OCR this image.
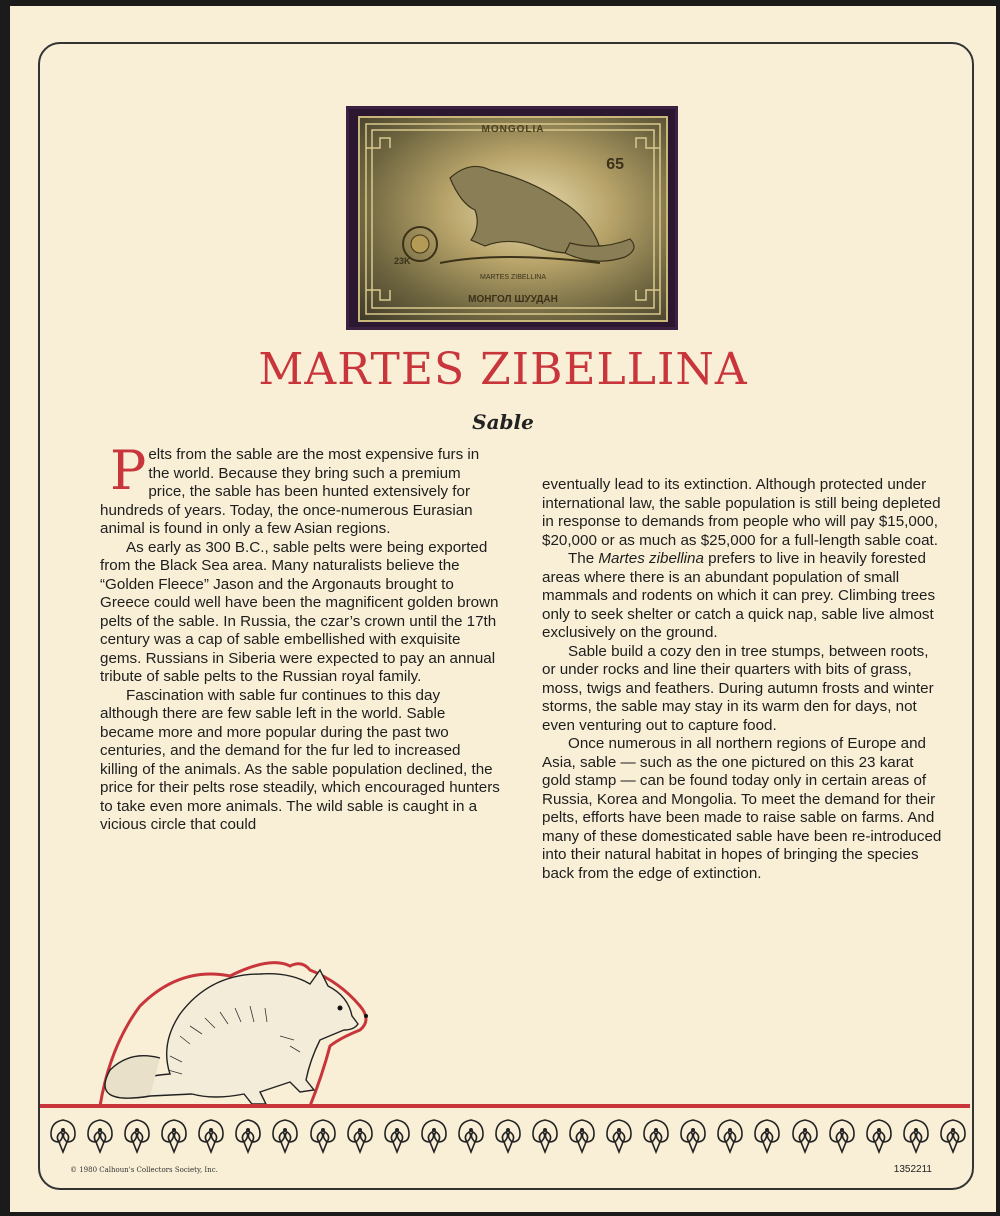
MONGOLIA
65
23K
MARTES ZIBELLINA
МОНГОЛ ШУУДАН
MARTES ZIBELLINA
Sable

Pelts from the sable are the most expensive furs in the world. Because they bring such a premium price, the sable has been hunted extensively for hundreds of years. Today, the once-numerous Eurasian animal is found in only a few Asian regions.

As early as 300 B.C., sable pelts were being exported from the Black Sea area. Many naturalists believe the “Golden Fleece” Jason and the Argonauts brought to Greece could well have been the magnificent golden brown pelts of the sable. In Russia, the czar’s crown until the 17th century was a cap of sable embellished with exquisite gems. Russians in Siberia were expected to pay an annual tribute of sable pelts to the Russian royal family.

Fascination with sable fur continues to this day although there are few sable left in the world. Sable became more and more popular during the past two centuries, and the demand for the fur led to increased killing of the animals. As the sable population declined, the price for their pelts rose steadily, which encouraged hunters to take even more animals. The wild sable is caught in a vicious circle that could

eventually lead to its extinction. Although protected under international law, the sable population is still being depleted in response to demands from people who will pay $15,000, $20,000 or as much as $25,000 for a full-length sable coat.

The Martes zibellina prefers to live in heavily forested areas where there is an abundant population of small mammals and rodents on which it can prey. Climbing trees only to seek shelter or catch a quick nap, sable live almost exclusively on the ground.

Sable build a cozy den in tree stumps, between roots, or under rocks and line their quarters with bits of grass, moss, twigs and feathers. During autumn frosts and winter storms, the sable may stay in its warm den for days, not even venturing out to capture food.

Once numerous in all northern regions of Europe and Asia, sable — such as the one pictured on this 23 karat gold stamp — can be found today only in certain areas of Russia, Korea and Mongolia. To meet the demand for their pelts, efforts have been made to raise sable on farms. And many of these domesticated sable have been re-introduced into their natural habitat in hopes of bringing the species back from the edge of extinction.

© 1980 Calhoun's Collectors Society, Inc.	1352211
